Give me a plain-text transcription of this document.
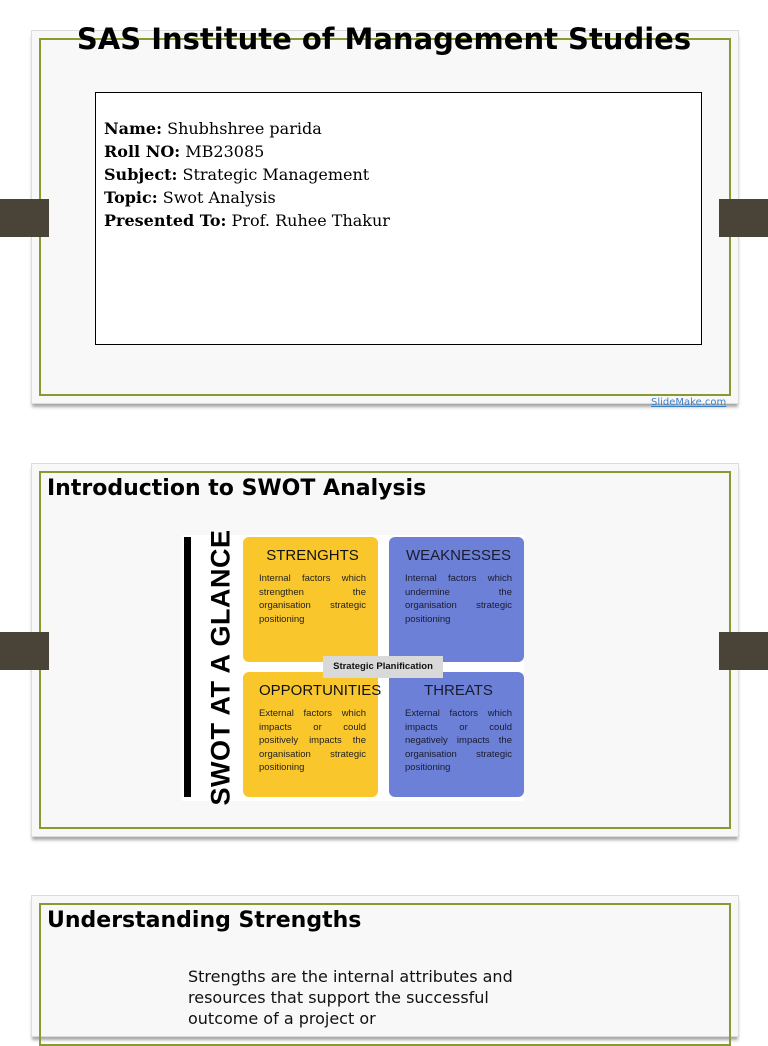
SAS Institute of Management Studies
Name: Shubhshree parida
Roll NO: MB23085
Subject: Strategic Management
Topic: Swot Analysis
Presented To: Prof. Ruhee Thakur
SlideMake.com
Introduction to SWOT Analysis
SWOT AT A GLANCE	STRENGHTS
Internal factors which strengthen the organisation strategic positioning
WEAKNESSES
Internal factors which undermine the organisation strategic positioning
OPPORTUNITIES
External factors which impacts or could positively impacts the organisation strategic positioning
THREATS
External factors which impacts or could negatively impacts the organisation strategic positioning
Strategic Planification
Understanding Strengths
Strengths are the internal attributes and resources that support the successful outcome of a project or
